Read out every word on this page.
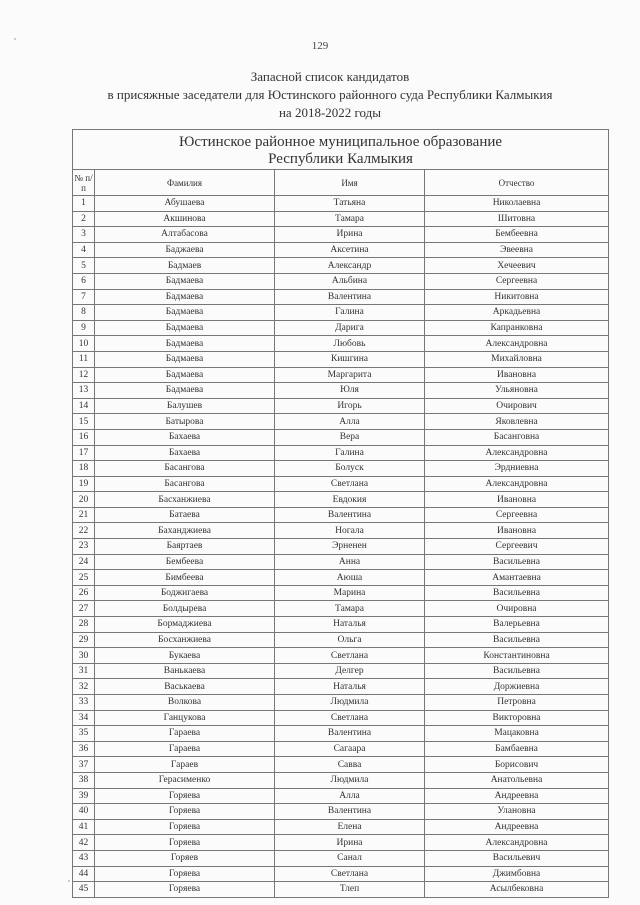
129
Запасной список кандидатов
в присяжные заседатели для Юстинского районного суда Республики Калмыкия
на 2018-2022 годы
Юстинское районное муниципальное образование
Республики Калмыкия			

№ п/п	Фамилия	Имя	Отчество
1	Абушаева	Татьяна	Николаевна
2	Акшинова	Тамара	Шитовна
3	Алтабасова	Ирина	Бембеевна
4	Баджаева	Аксетина	Эвеевна
5	Бадмаев	Александр	Хечеевич
6	Бадмаева	Альбина	Сергеевна
7	Бадмаева	Валентина	Никитовна
8	Бадмаева	Галина	Аркадьевна
9	Бадмаева	Дарига	Капранковна
10	Бадмаева	Любовь	Александровна
11	Бадмаева	Кишгина	Михайловна
12	Бадмаева	Маргарита	Ивановна
13	Бадмаева	Юля	Ульяновна
14	Балушев	Игорь	Очирович
15	Батырова	Алла	Яковлевна
16	Бахаева	Вера	Басанговна
17	Бахаева	Галина	Александровна
18	Басангова	Болуск	Эрдниевна
19	Басангова	Светлана	Александровна
20	Басханжиева	Евдокия	Ивановна
21	Батаева	Валентина	Сергеевна
22	Баханджиева	Ногала	Ивановна
23	Баяртаев	Эрненен	Сергеевич
24	Бембеева	Анна	Васильевна
25	Бимбеева	Аюша	Амантаевна
26	Боджигаева	Марина	Васильевна
27	Болдырева	Тамара	Очировна
28	Бормаджиева	Наталья	Валерьевна
29	Босханжиева	Ольга	Васильевна
30	Букаева	Светлана	Константиновна
31	Ванькаева	Делгер	Васильевна
32	Васькаева	Наталья	Доржиевна
33	Волкова	Людмила	Петровна
34	Ганцукова	Светлана	Викторовна
35	Гараева	Валентина	Мацаковна
36	Гараева	Сагаара	Бамбаевна
37	Гараев	Савва	Борисович
38	Герасименко	Людмила	Анатольевна
39	Горяева	Алла	Андреевна
40	Горяева	Валентина	Улановна
41	Горяева	Елена	Андреевна
42	Горяева	Ирина	Александровна
43	Горяев	Санал	Васильевич
44	Горяева	Светлана	Джимбовна
45	Горяева	Тлеп	Асылбековна
